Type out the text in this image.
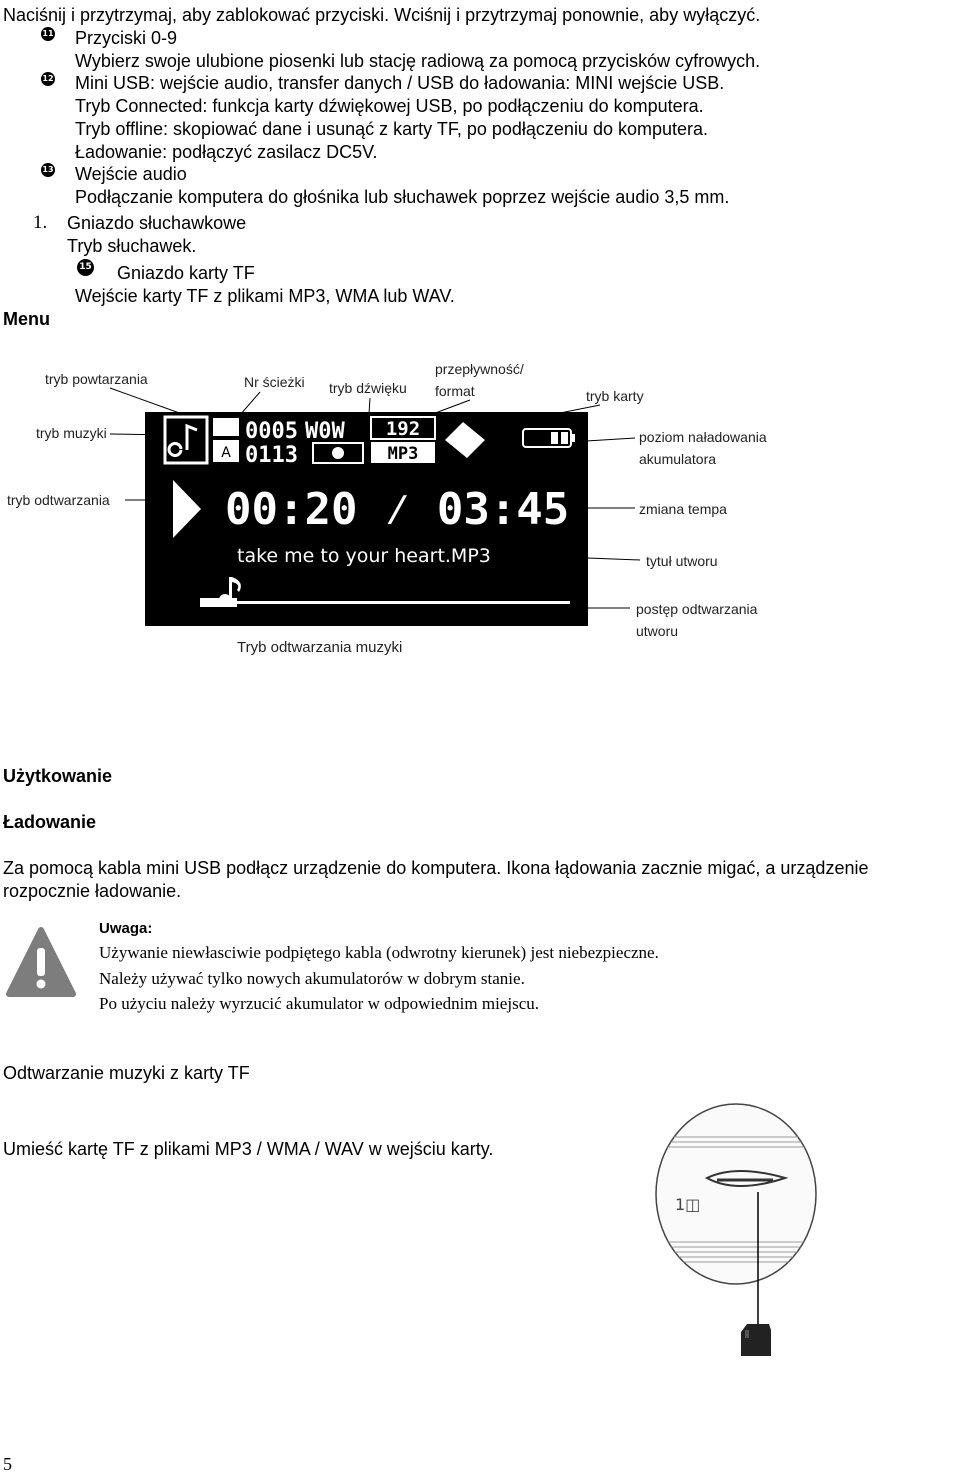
Naciśnij i przytrzymaj, aby zablokować przyciski. Wciśnij i przytrzymaj ponownie, aby wyłączyć.
11 Przyciski 0-9
Wybierz swoje ulubione piosenki lub stację radiową za pomocą przycisków cyfrowych.
12 Mini USB: wejście audio, transfer danych / USB do ładowania: MINI wejście USB.
Tryb Connected: funkcja karty dźwiękowej USB, po podłączeniu do komputera.
Tryb offline: skopiować dane i usunąć z karty TF, po podłączeniu do komputera.
Ładowanie: podłączyć zasilacz DC5V.
13 Wejście audio
Podłączanie komputera do głośnika lub słuchawek poprzez wejście audio 3,5 mm.
1. Gniazdo słuchawkowe
Tryb słuchawek.
15 Gniazdo karty TF
Wejście karty TF z plikami MP3, WMA lub WAV.
Menu
tryb powtarzania	Nr ścieżki tryb dźwięku
przepływność/
format	tryb karty
tryb muzyki
tryb odtwarzania
poziom naładowania
akumulatora
zmiana tempa
tytuł utworu
postęp odtwarzania
utworu
Tryb odtwarzania muzyki
A
0005 W0W
0113
192
MP3
00:20 ⁄ 03:45
take me to your heart.MP3
Użytkowanie
Ładowanie
Za pomocą kabla mini USB podłącz urządzenie do komputera. Ikona łądowania zacznie migać, a urządzenie
rozpocznie ładowanie.
Uwaga:
Używanie niewłasciwie podpiętego kabla (odwrotny kierunek) jest niebezpieczne.
Należy używać tylko nowych akumulatorów w dobrym stanie.
Po użyciu należy wyrzucić akumulator w odpowiednim miejscu.
Odtwarzanie muzyki z karty TF
Umieść kartę TF z plikami MP3 / WMA / WAV w wejściu karty.
1◫
5
